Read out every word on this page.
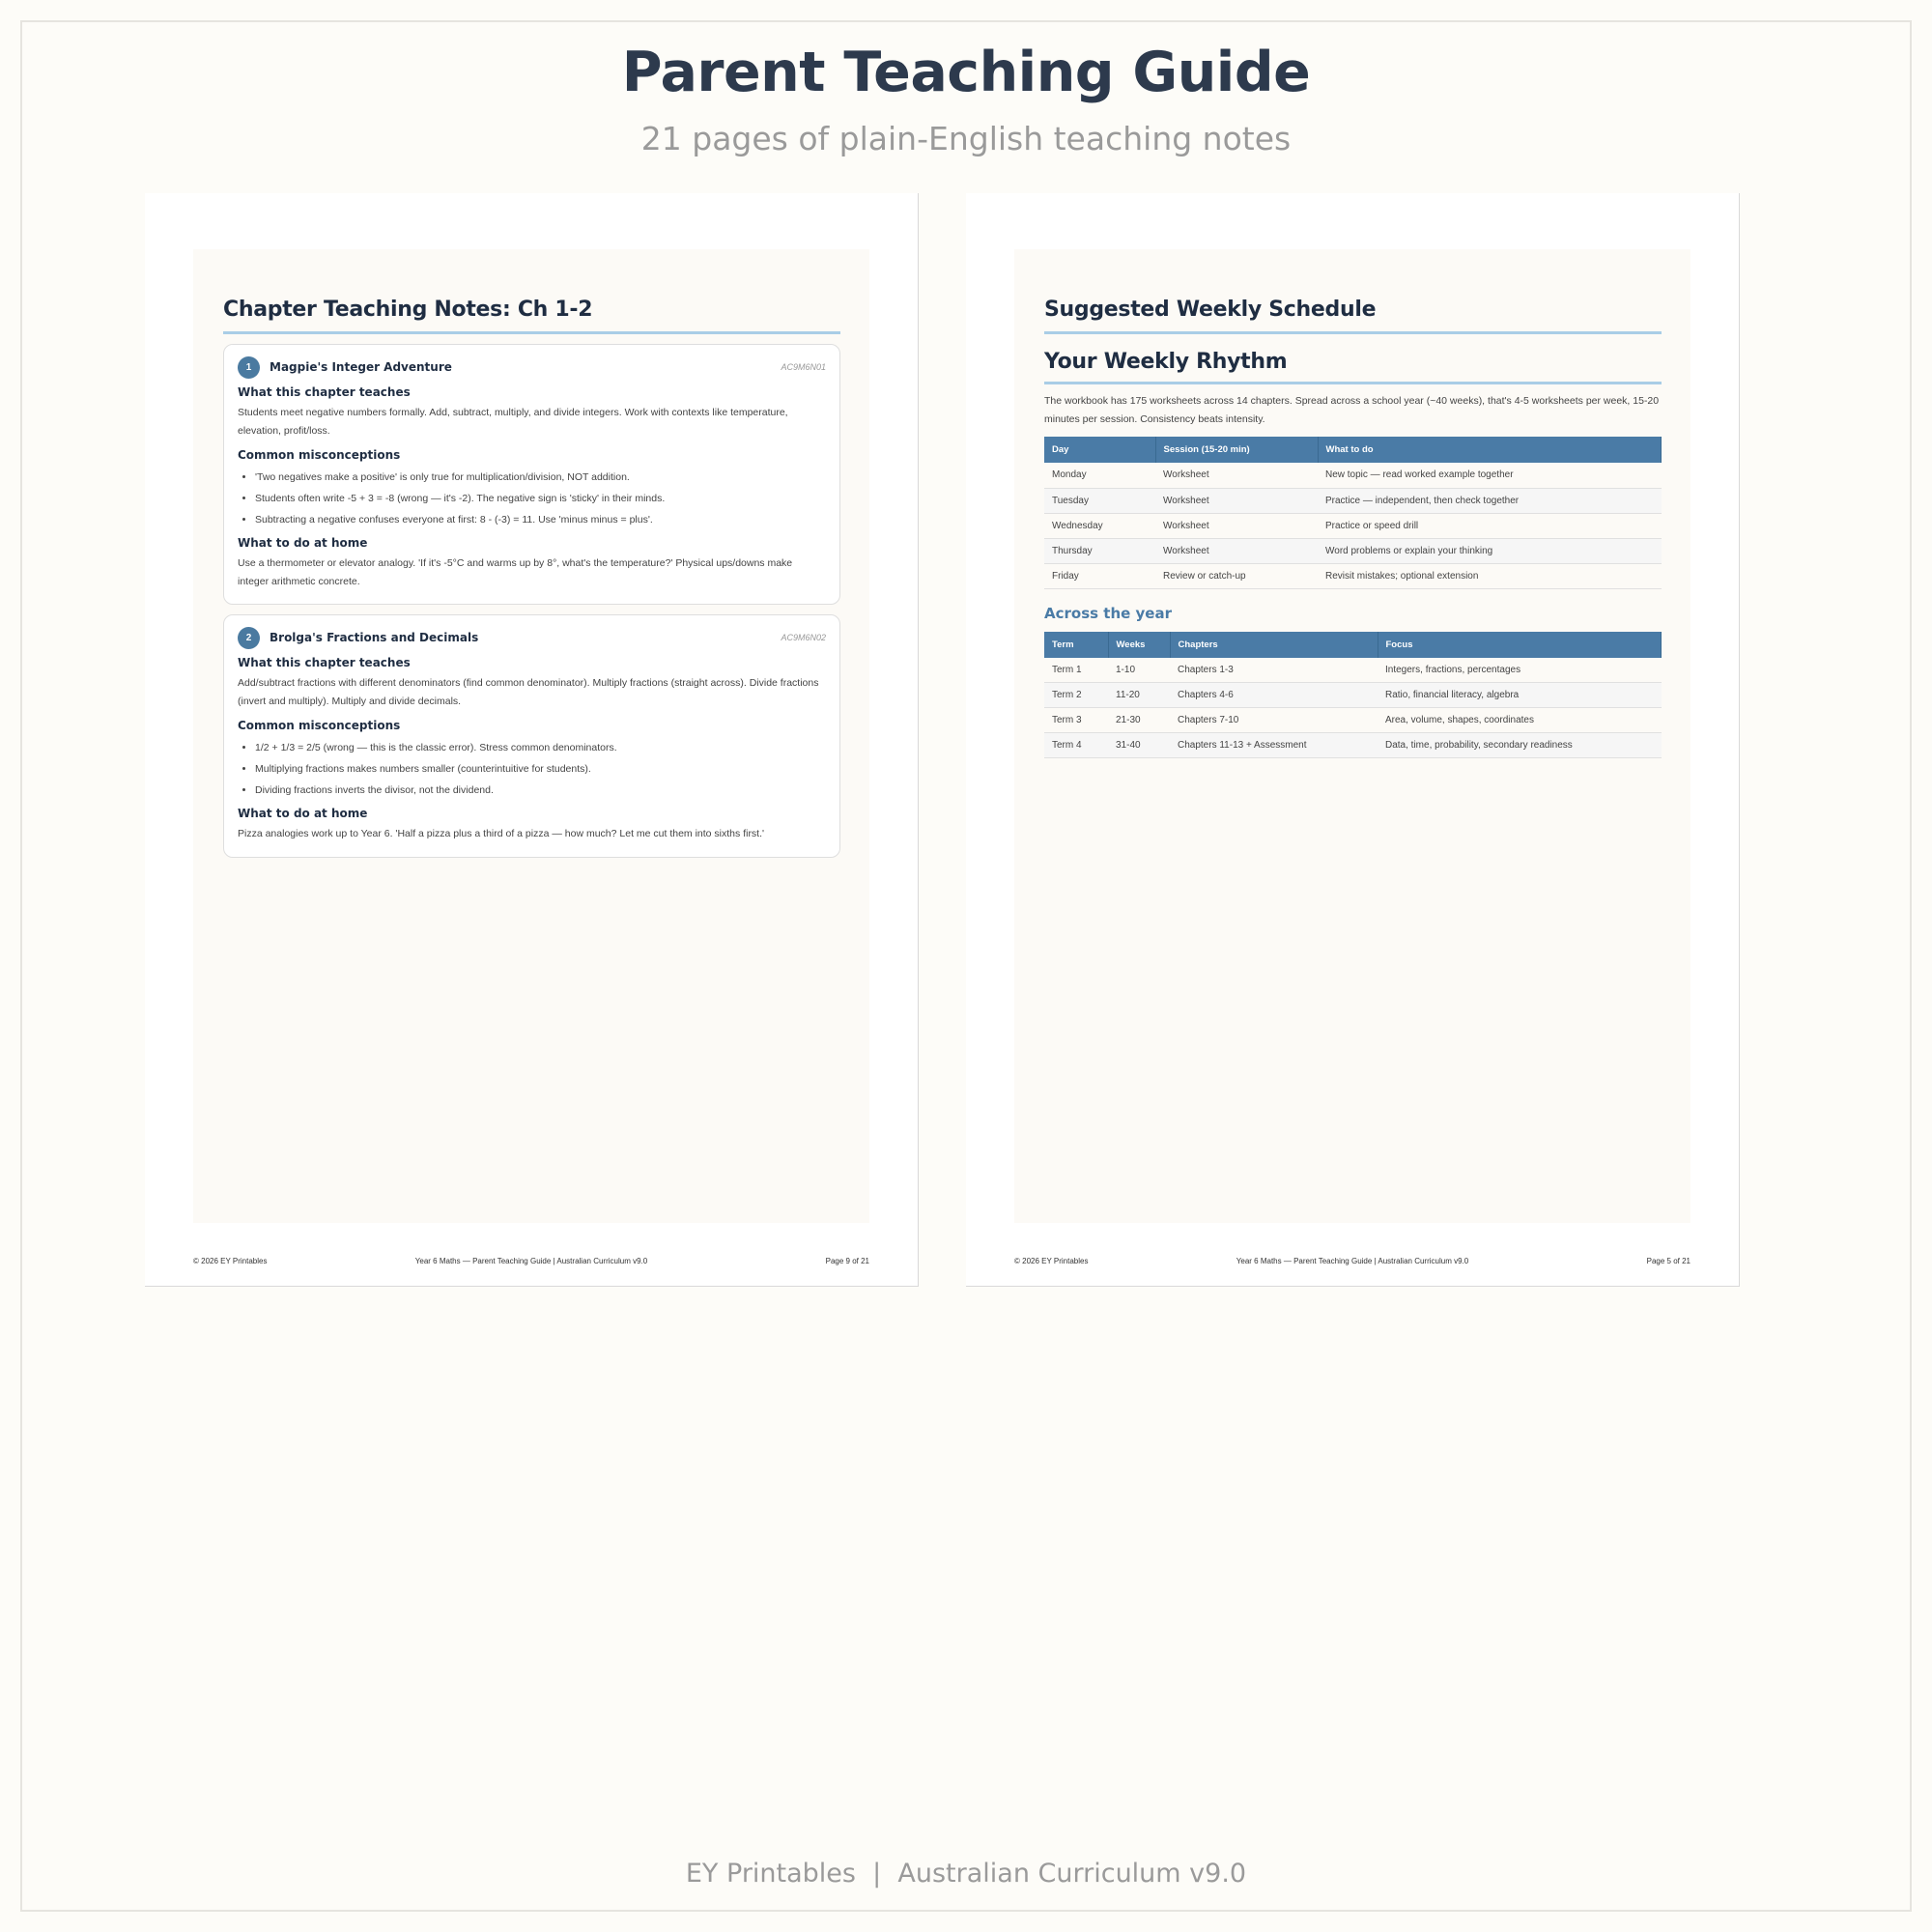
Parent Teaching Guide
21 pages of plain-English teaching notes
Chapter Teaching Notes: Ch 1-2
1	Magpie's Integer Adventure	AC9M6N01
What this chapter teaches
Students meet negative numbers formally. Add, subtract, multiply, and divide integers. Work with contexts like temperature, elevation, profit/loss.
Common misconceptions
• 'Two negatives make a positive' is only true for multiplication/division, NOT addition.
• Students often write -5 + 3 = -8 (wrong — it's -2). The negative sign is 'sticky' in their minds.
• Subtracting a negative confuses everyone at first: 8 - (-3) = 11. Use 'minus minus = plus'.
What to do at home
Use a thermometer or elevator analogy. 'If it's -5°C and warms up by 8°, what's the temperature?' Physical ups/downs make integer arithmetic concrete.
2	Brolga's Fractions and Decimals	AC9M6N02
What this chapter teaches
Add/subtract fractions with different denominators (find common denominator). Multiply fractions (straight across). Divide fractions (invert and multiply). Multiply and divide decimals.
Common misconceptions
• 1/2 + 1/3 = 2/5 (wrong — this is the classic error). Stress common denominators.
• Multiplying fractions makes numbers smaller (counterintuitive for students).
• Dividing fractions inverts the divisor, not the dividend.
What to do at home
Pizza analogies work up to Year 6. 'Half a pizza plus a third of a pizza — how much? Let me cut them into sixths first.'
© 2026 EY Printables	Year 6 Maths — Parent Teaching Guide | Australian Curriculum v9.0	Page 9 of 21
Suggested Weekly Schedule
Your Weekly Rhythm
The workbook has 175 worksheets across 14 chapters. Spread across a school year (~40 weeks), that's 4-5 worksheets per week, 15-20 minutes per session. Consistency beats intensity.
Day	Session (15-20 min)	What to do
Monday	Worksheet	New topic — read worked example together
Tuesday	Worksheet	Practice — independent, then check together
Wednesday	Worksheet	Practice or speed drill
Thursday	Worksheet	Word problems or explain your thinking
Friday	Review or catch-up	Revisit mistakes; optional extension
Across the year
Term	Weeks	Chapters	Focus
Term 1	1-10	Chapters 1-3	Integers, fractions, percentages
Term 2	11-20	Chapters 4-6	Ratio, financial literacy, algebra
Term 3	21-30	Chapters 7-10	Area, volume, shapes, coordinates
Term 4	31-40	Chapters 11-13 + Assessment	Data, time, probability, secondary readiness
© 2026 EY Printables	Year 6 Maths — Parent Teaching Guide | Australian Curriculum v9.0	Page 5 of 21
EY Printables  |  Australian Curriculum v9.0
